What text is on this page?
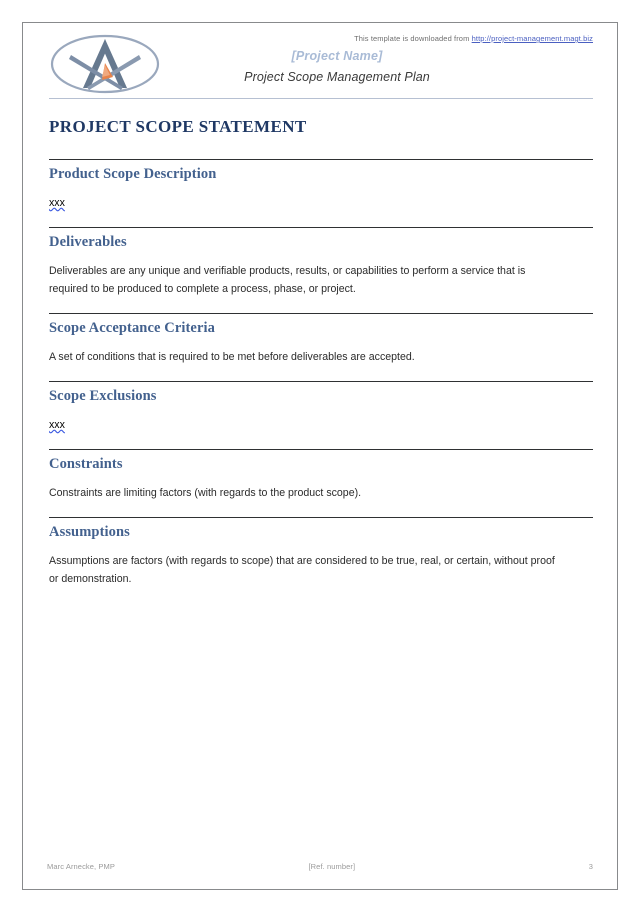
This template is downloaded from http://project-management.magt.biz
[Project Name]
Project Scope Management Plan
PROJECT SCOPE STATEMENT
Product Scope Description

xxx

Deliverables

Deliverables are any unique and verifiable products, results, or capabilities to perform a service that is required to be produced to complete a process, phase, or project.

Scope Acceptance Criteria

A set of conditions that is required to be met before deliverables are accepted.

Scope Exclusions

xxx

Constraints

Constraints are limiting factors (with regards to the product scope).

Assumptions

Assumptions are factors (with regards to scope) that are considered to be true, real, or certain, without proof or demonstration.

Marc Arnecke, PMP	[Ref. number]	3
